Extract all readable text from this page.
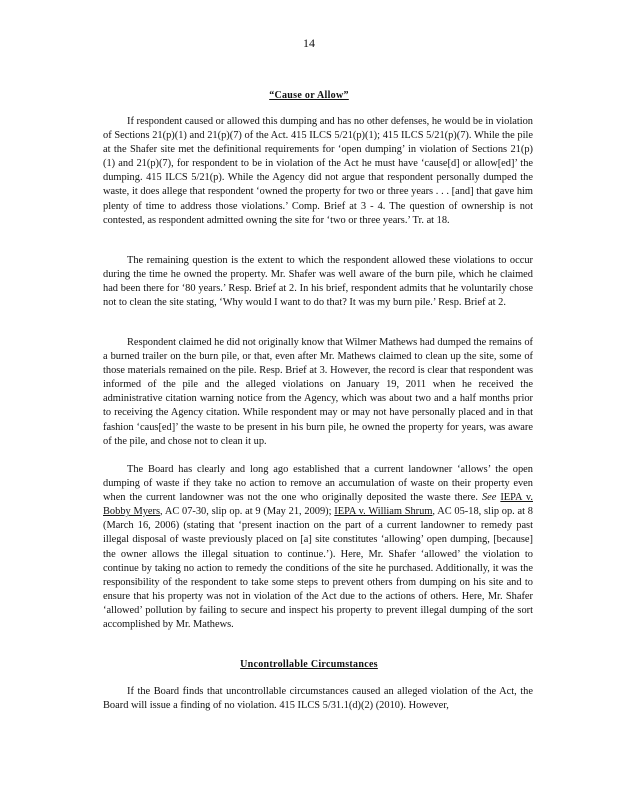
14
“Cause or Allow”

If respondent caused or allowed this dumping and has no other defenses, he would be in violation of Sections 21(p)(1) and 21(p)(7) of the Act. 415 ILCS 5/21(p)(1); 415 ILCS 5/21(p)(7). While the pile at the Shafer site met the definitional requirements for ‘open dumping’ in violation of Sections 21(p) (1) and 21(p)(7), for respondent to be in violation of the Act he must have ‘cause[d] or allow[ed]’ the dumping. 415 ILCS 5/21(p). While the Agency did not argue that respondent personally dumped the waste, it does allege that respondent ‘owned the property for two or three years . . . [and] that gave him plenty of time to address those violations.’ Comp. Brief at 3 - 4. The question of ownership is not contested, as respondent admitted owning the site for ‘two or three years.’ Tr. at 18.

The remaining question is the extent to which the respondent allowed these violations to occur during the time he owned the property. Mr. Shafer was well aware of the burn pile, which he claimed had been there for ‘80 years.’ Resp. Brief at 2. In his brief, respondent admits that he voluntarily chose not to clean the site stating, ‘Why would I want to do that? It was my burn pile.’ Resp. Brief at 2.

Respondent claimed he did not originally know that Wilmer Mathews had dumped the remains of a burned trailer on the burn pile, or that, even after Mr. Mathews claimed to clean up the site, some of those materials remained on the pile. Resp. Brief at 3. However, the record is clear that respondent was informed of the pile and the alleged violations on January 19, 2011 when he received the administrative citation warning notice from the Agency, which was about two and a half months prior to receiving the Agency citation. While respondent may or may not have personally placed and in that fashion ‘caus[ed]’ the waste to be present in his burn pile, he owned the property for years, was aware of the pile, and chose not to clean it up.

The Board has clearly and long ago established that a current landowner ‘allows’ the open dumping of waste if they take no action to remove an accumulation of waste on their property even when the current landowner was not the one who originally deposited the waste there. See IEPA v. Bobby Myers, AC 07-30, slip op. at 9 (May 21, 2009); IEPA v. William Shrum, AC 05-18, slip op. at 8 (March 16, 2006) (stating that ‘present inaction on the part of a current landowner to remedy past illegal disposal of waste previously placed on [a] site constitutes ‘allowing’ open dumping, [because] the owner allows the illegal situation to continue.’). Here, Mr. Shafer ‘allowed’ the violation to continue by taking no action to remedy the conditions of the site he purchased. Additionally, it was the responsibility of the respondent to take some steps to prevent others from dumping on his site and to ensure that his property was not in violation of the Act due to the actions of others. Here, Mr. Shafer ‘allowed’ pollution by failing to secure and inspect his property to prevent illegal dumping of the sort accomplished by Mr. Mathews.

Uncontrollable Circumstances

If the Board finds that uncontrollable circumstances caused an alleged violation of the Act, the Board will issue a finding of no violation. 415 ILCS 5/31.1(d)(2) (2010). However,
